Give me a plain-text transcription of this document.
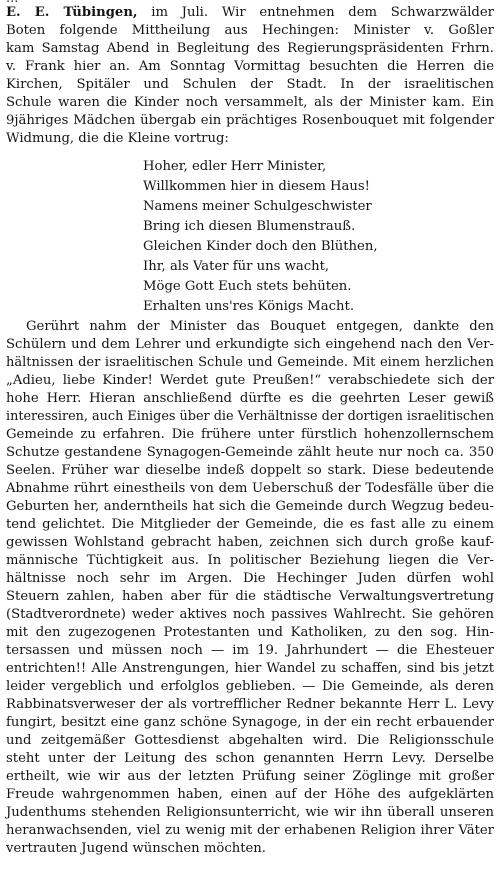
E. E. Tübingen, im Juli. Wir entnehmen dem Schwarzwälder

Boten folgende Mittheilung aus Hechingen: Minister v. Goßler

kam Samstag Abend in Begleitung des Regierungspräsidenten Frhrn.

v. Frank hier an. Am Sonntag Vormittag besuchten die Herren die

Kirchen, Spitäler und Schulen der Stadt. In der israelitischen

Schule waren die Kinder noch versammelt, als der Minister kam. Ein

9jähriges Mädchen übergab ein prächtiges Rosenbouquet mit folgender

Widmung, die die Kleine vortrug:

Hoher, edler Herr Minister,

Willkommen hier in diesem Haus!

Namens meiner Schulgeschwister

Bring ich diesen Blumenstrauß.

Gleichen Kinder doch den Blüthen,

Ihr, als Vater für uns wacht,

Möge Gott Euch stets behüten.

Erhalten uns'res Königs Macht.

Gerührt nahm der Minister das Bouquet entgegen, dankte den

Schülern und dem Lehrer und erkundigte sich eingehend nach den Ver-

hältnissen der israelitischen Schule und Gemeinde. Mit einem herzlichen

„Adieu, liebe Kinder! Werdet gute Preußen!“ verabschiedete sich der

hohe Herr. Hieran anschließend dürfte es die geehrten Leser gewiß

interessiren, auch Einiges über die Verhältnisse der dortigen israelitischen

Gemeinde zu erfahren. Die frühere unter fürstlich hohenzollernschem

Schutze gestandene Synagogen-Gemeinde zählt heute nur noch ca. 350

Seelen. Früher war dieselbe indeß doppelt so stark. Diese bedeutende

Abnahme rührt einestheils von dem Ueberschuß der Todesfälle über die

Geburten her, anderntheils hat sich die Gemeinde durch Wegzug bedeu-

tend gelichtet. Die Mitglieder der Gemeinde, die es fast alle zu einem

gewissen Wohlstand gebracht haben, zeichnen sich durch große kauf-

männische Tüchtigkeit aus. In politischer Beziehung liegen die Ver-

hältnisse noch sehr im Argen. Die Hechinger Juden dürfen wohl

Steuern zahlen, haben aber für die städtische Verwaltungsvertretung

(Stadtverordnete) weder aktives noch passives Wahlrecht. Sie gehören

mit den zugezogenen Protestanten und Katholiken, zu den sog. Hin-

tersassen und müssen noch — im 19. Jahrhundert — die Ehesteuer

entrichten!! Alle Anstrengungen, hier Wandel zu schaffen, sind bis jetzt

leider vergeblich und erfolglos geblieben. — Die Gemeinde, als deren

Rabbinatsverweser der als vortrefflicher Redner bekannte Herr L. Levy

fungirt, besitzt eine ganz schöne Synagoge, in der ein recht erbauender

und zeitgemäßer Gottesdienst abgehalten wird. Die Religionsschule

steht unter der Leitung des schon genannten Herrn Levy. Derselbe

ertheilt, wie wir aus der letzten Prüfung seiner Zöglinge mit großer

Freude wahrgenommen haben, einen auf der Höhe des aufgeklärten

Judenthums stehenden Religionsunterricht, wie wir ihn überall unseren

heranwachsenden, viel zu wenig mit der erhabenen Religion ihrer Väter

vertrauten Jugend wünschen möchten.
